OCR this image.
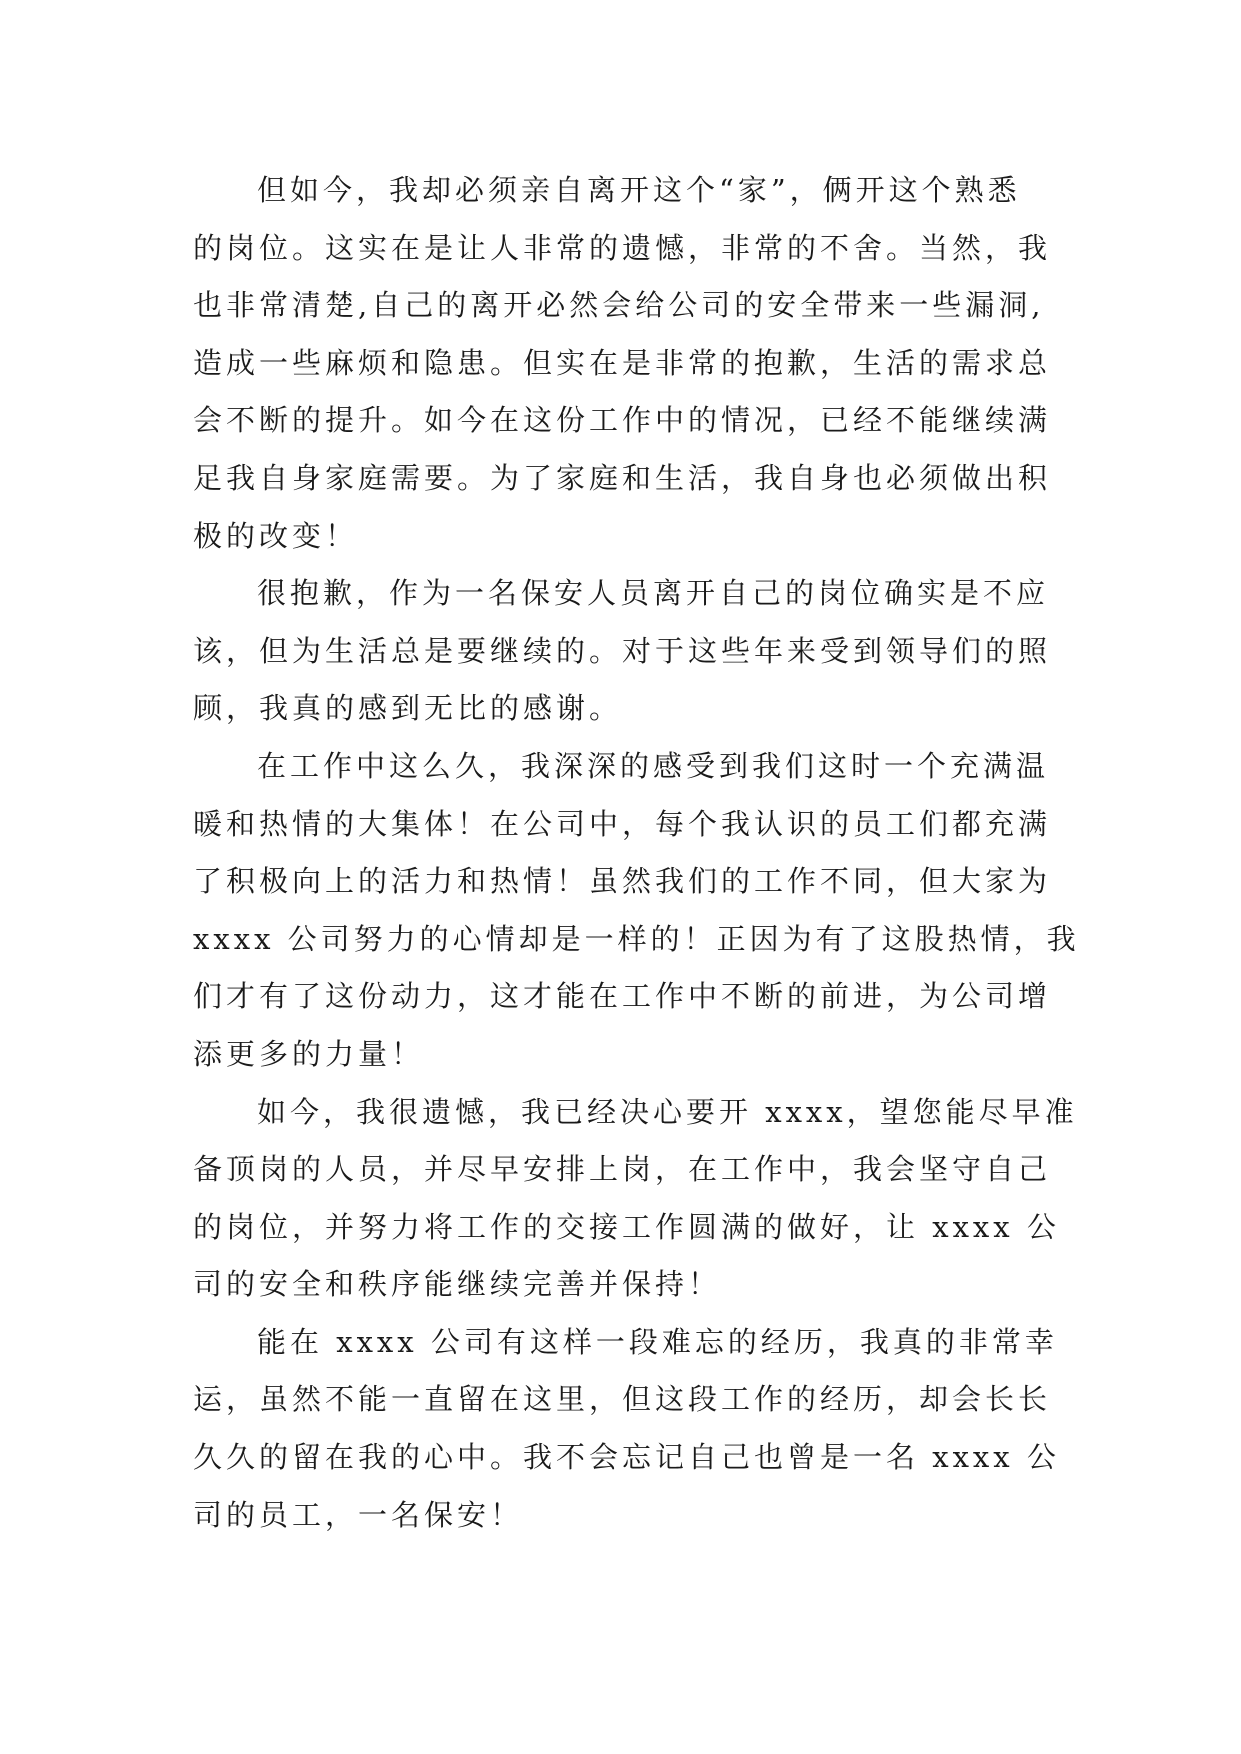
但如今，我却必须亲自离开这个“家”，俩开这个熟悉
的岗位。这实在是让人非常的遗憾，非常的不舍。当然，我
也非常清楚,自己的离开必然会给公司的安全带来一些漏洞,
造成一些麻烦和隐患。但实在是非常的抱歉，生活的需求总
会不断的提升。如今在这份工作中的情况，已经不能继续满
足我自身家庭需要。为了家庭和生活，我自身也必须做出积
极的改变！
很抱歉，作为一名保安人员离开自己的岗位确实是不应
该，但为生活总是要继续的。对于这些年来受到领导们的照
顾，我真的感到无比的感谢。
在工作中这么久，我深深的感受到我们这时一个充满温
暖和热情的大集体！在公司中，每个我认识的员工们都充满
了积极向上的活力和热情！虽然我们的工作不同，但大家为
xxxx 公司努力的心情却是一样的！正因为有了这股热情，我
们才有了这份动力，这才能在工作中不断的前进，为公司增
添更多的力量！
如今，我很遗憾，我已经决心要开 xxxx，望您能尽早准
备顶岗的人员，并尽早安排上岗，在工作中，我会坚守自己
的岗位，并努力将工作的交接工作圆满的做好，让 xxxx 公
司的安全和秩序能继续完善并保持！
能在 xxxx 公司有这样一段难忘的经历，我真的非常幸
运，虽然不能一直留在这里，但这段工作的经历，却会长长
久久的留在我的心中。我不会忘记自己也曾是一名 xxxx 公
司的员工，一名保安！
